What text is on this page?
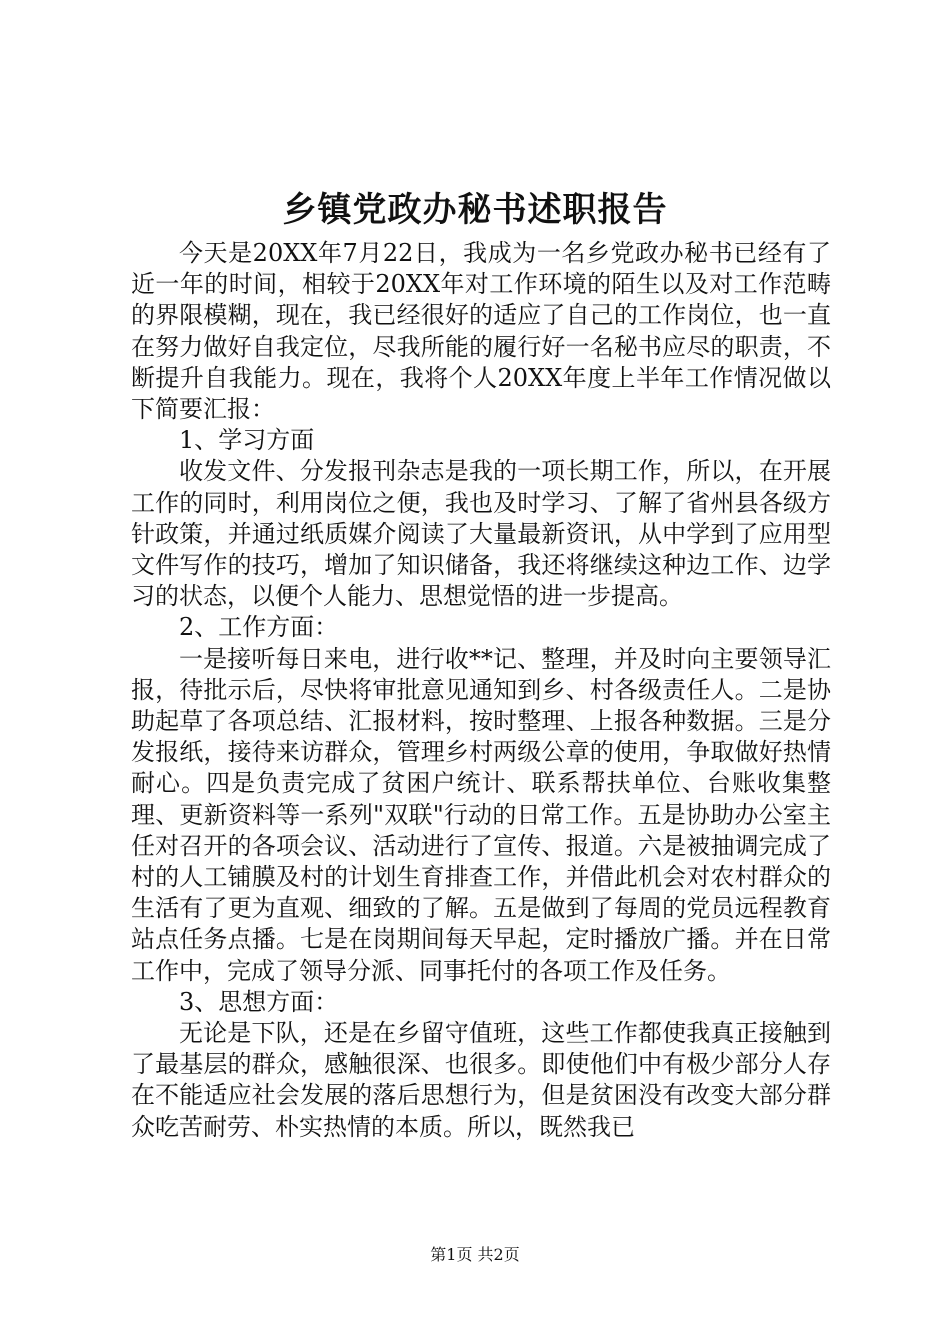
乡镇党政办秘书述职报告

今天是20XX年7月22日，我成为一名乡党政办秘书已经有了近一年的时间，相较于20XX年对工作环境的陌生以及对工作范畴的界限模糊，现在，我已经很好的适应了自己的工作岗位，也一直在努力做好自我定位，尽我所能的履行好一名秘书应尽的职责，不断提升自我能力。现在，我将个人20XX年度上半年工作情况做以下简要汇报：

1、学习方面

收发文件、分发报刊杂志是我的一项长期工作，所以，在开展工作的同时，利用岗位之便，我也及时学习、了解了省州县各级方针政策，并通过纸质媒介阅读了大量最新资讯，从中学到了应用型文件写作的技巧，增加了知识储备，我还将继续这种边工作、边学习的状态，以便个人能力、思想觉悟的进一步提高。

2、工作方面：

一是接听每日来电，进行收**记、整理，并及时向主要领导汇报，待批示后，尽快将审批意见通知到乡、村各级责任人。二是协助起草了各项总结、汇报材料，按时整理、上报各种数据。三是分发报纸，接待来访群众，管理乡村两级公章的使用，争取做好热情耐心。四是负责完成了贫困户统计、联系帮扶单位、台账收集整理、更新资料等一系列"双联"行动的日常工作。五是协助办公室主任对召开的各项会议、活动进行了宣传、报道。六是被抽调完成了村的人工铺膜及村的计划生育排查工作，并借此机会对农村群众的生活有了更为直观、细致的了解。五是做到了每周的党员远程教育站点任务点播。七是在岗期间每天早起，定时播放广播。并在日常工作中，完成了领导分派、同事托付的各项工作及任务。

3、思想方面：

无论是下队，还是在乡留守值班，这些工作都使我真正接触到了最基层的群众，感触很深、也很多。即使他们中有极少部分人存在不能适应社会发展的落后思想行为，但是贫困没有改变大部分群众吃苦耐劳、朴实热情的本质。所以，既然我已

第1页 共2页
